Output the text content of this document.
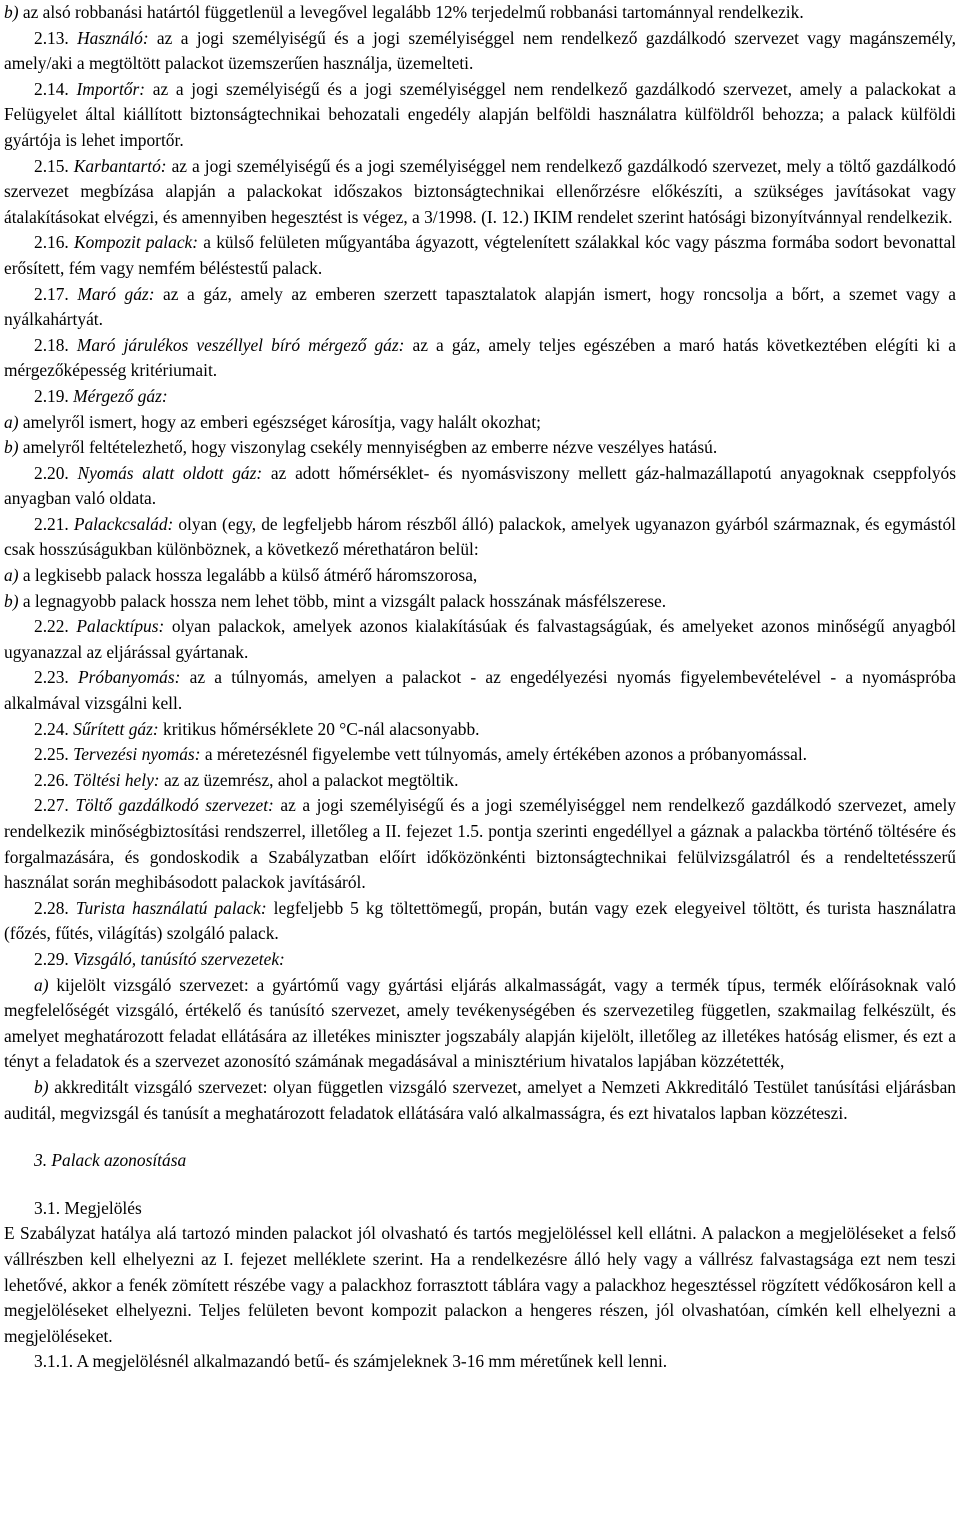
b) az alsó robbanási határtól függetlenül a levegővel legalább 12% terjedelmű robbanási tartománnyal rendelkezik.

2.13. Használó: az a jogi személyiségű és a jogi személyiséggel nem rendelkező gazdálkodó szervezet vagy magánszemély, amely/aki a megtöltött palackot üzemszerűen használja, üzemelteti.

2.14. Importőr: az a jogi személyiségű és a jogi személyiséggel nem rendelkező gazdálkodó szervezet, amely a palackokat a Felügyelet által kiállított biztonságtechnikai behozatali engedély alapján belföldi használatra külföldről behozza; a palack külföldi gyártója is lehet importőr.

2.15. Karbantartó: az a jogi személyiségű és a jogi személyiséggel nem rendelkező gazdálkodó szervezet, mely a töltő gazdálkodó szervezet megbízása alapján a palackokat időszakos biztonságtechnikai ellenőrzésre előkészíti, a szükséges javításokat vagy átalakításokat elvégzi, és amennyiben hegesztést is végez, a 3/1998. (I. 12.) IKIM rendelet szerint hatósági bizonyítvánnyal rendelkezik.

2.16. Kompozit palack: a külső felületen műgyantába ágyazott, végtelenített szálakkal kóc vagy pászma formába sodort bevonattal erősített, fém vagy nemfém béléstestű palack.

2.17. Maró gáz: az a gáz, amely az emberen szerzett tapasztalatok alapján ismert, hogy roncsolja a bőrt, a szemet vagy a nyálkahártyát.

2.18. Maró járulékos veszéllyel bíró mérgező gáz: az a gáz, amely teljes egészében a maró hatás következtében elégíti ki a mérgezőképesség kritériumait.

2.19. Mérgező gáz:

a) amelyről ismert, hogy az emberi egészséget károsítja, vagy halált okozhat;

b) amelyről feltételezhető, hogy viszonylag csekély mennyiségben az emberre nézve veszélyes hatású.

2.20. Nyomás alatt oldott gáz: az adott hőmérséklet- és nyomásviszony mellett gáz-halmazállapotú anyagoknak cseppfolyós anyagban való oldata.

2.21. Palackcsalád: olyan (egy, de legfeljebb három részből álló) palackok, amelyek ugyanazon gyárból származnak, és egymástól csak hosszúságukban különböznek, a következő mérethatáron belül:

a) a legkisebb palack hossza legalább a külső átmérő háromszorosa,

b) a legnagyobb palack hossza nem lehet több, mint a vizsgált palack hosszának másfélszerese.

2.22. Palacktípus: olyan palackok, amelyek azonos kialakításúak és falvastagságúak, és amelyeket azonos minőségű anyagból ugyanazzal az eljárással gyártanak.

2.23. Próbanyomás: az a túlnyomás, amelyen a palackot - az engedélyezési nyomás figyelembevételével - a nyomáspróba alkalmával vizsgálni kell.

2.24. Sűrített gáz: kritikus hőmérséklete 20 °C-nál alacsonyabb.

2.25. Tervezési nyomás: a méretezésnél figyelembe vett túlnyomás, amely értékében azonos a próbanyomással.

2.26. Töltési hely: az az üzemrész, ahol a palackot megtöltik.

2.27. Töltő gazdálkodó szervezet: az a jogi személyiségű és a jogi személyiséggel nem rendelkező gazdálkodó szervezet, amely rendelkezik minőségbiztosítási rendszerrel, illetőleg a II. fejezet 1.5. pontja szerinti engedéllyel a gáznak a palackba történő töltésére és forgalmazására, és gondoskodik a Szabályzatban előírt időközönkénti biztonságtechnikai felülvizsgálatról és a rendeltetésszerű használat során meghibásodott palackok javításáról.

2.28. Turista használatú palack: legfeljebb 5 kg töltettömegű, propán, bután vagy ezek elegyeivel töltött, és turista használatra (főzés, fűtés, világítás) szolgáló palack.

2.29. Vizsgáló, tanúsító szervezetek:

a) kijelölt vizsgáló szervezet: a gyártómű vagy gyártási eljárás alkalmasságát, vagy a termék típus, termék előírásoknak való megfelelőségét vizsgáló, értékelő és tanúsító szervezet, amely tevékenységében és szervezetileg független, szakmailag felkészült, és amelyet meghatározott feladat ellátására az illetékes miniszter jogszabály alapján kijelölt, illetőleg az illetékes hatóság elismer, és ezt a tényt a feladatok és a szervezet azonosító számának megadásával a minisztérium hivatalos lapjában közzétették,

b) akkreditált vizsgáló szervezet: olyan független vizsgáló szervezet, amelyet a Nemzeti Akkreditáló Testület tanúsítási eljárásban auditál, megvizsgál és tanúsít a meghatározott feladatok ellátására való alkalmasságra, és ezt hivatalos lapban közzéteszi.

3. Palack azonosítása

3.1. Megjelölés

E Szabályzat hatálya alá tartozó minden palackot jól olvasható és tartós megjelöléssel kell ellátni. A palackon a megjelöléseket a felső vállrészben kell elhelyezni az I. fejezet melléklete szerint. Ha a rendelkezésre álló hely vagy a vállrész falvastagsága ezt nem teszi lehetővé, akkor a fenék zömített részébe vagy a palackhoz forrasztott táblára vagy a palackhoz hegesztéssel rögzített védőkosáron kell a megjelöléseket elhelyezni. Teljes felületen bevont kompozit palackon a hengeres részen, jól olvashatóan, címkén kell elhelyezni a megjelöléseket.

3.1.1. A megjelölésnél alkalmazandó betű- és számjeleknek 3-16 mm méretűnek kell lenni.
